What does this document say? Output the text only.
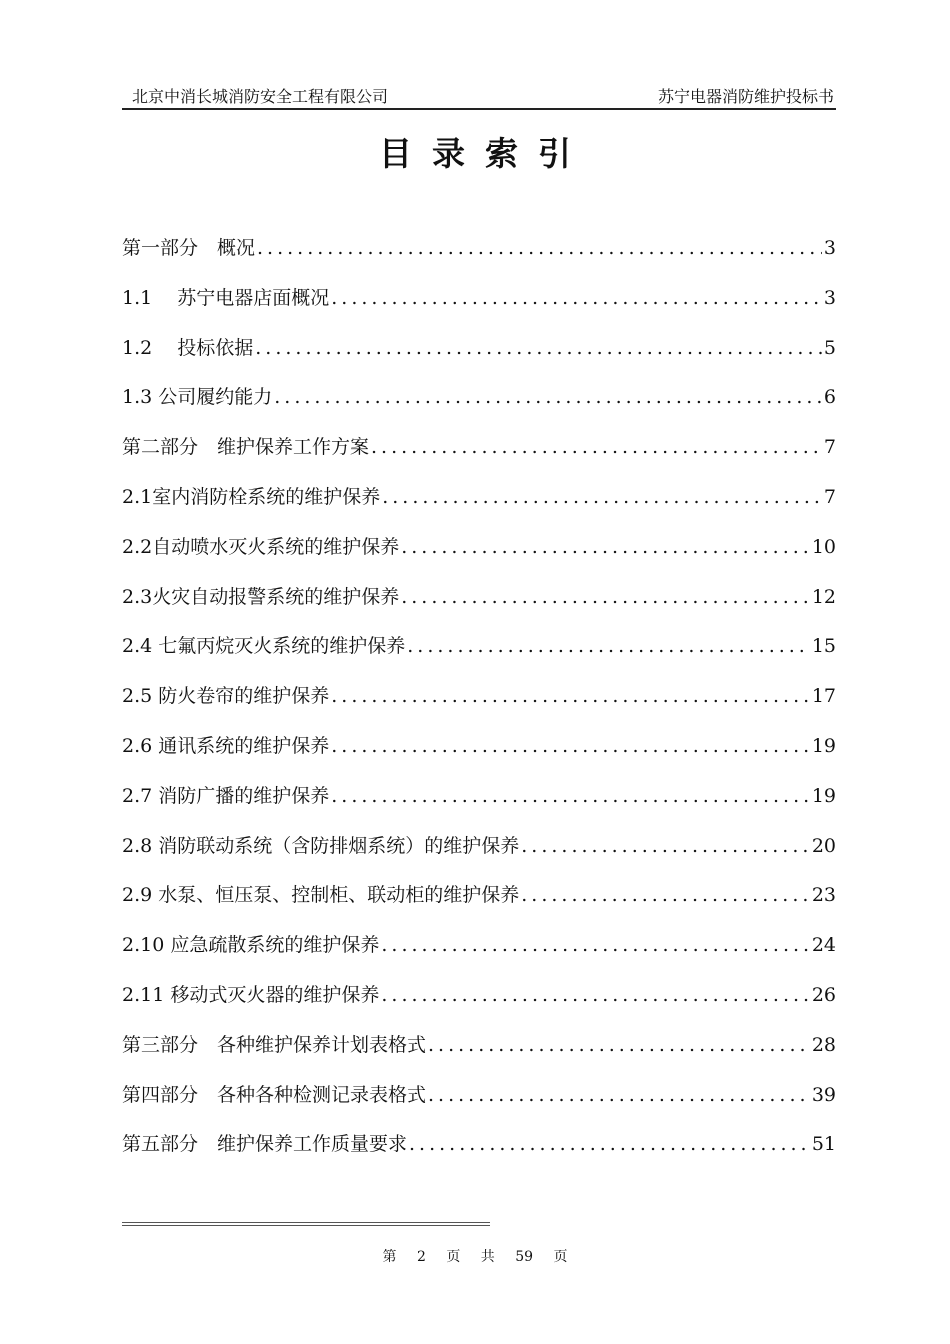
北京中消长城消防安全工程有限公司	苏宁电器消防维护投标书
目录索引
第一部分　概况 .....	3
1.1　 苏宁电器店面概况 .....	3
1.2　 投标依据 .....	5
1.3 公司履约能力 .....	6
第二部分　维护保养工作方案 .....	7
2.1室内消防栓系统的维护保养 .....	7
2.2自动喷水灭火系统的维护保养 .....	10
2.3火灾自动报警系统的维护保养 .....	12
2.4 七氟丙烷灭火系统的维护保养 .....	15
2.5 防火卷帘的维护保养 .....	17
2.6 通讯系统的维护保养 .....	19
2.7 消防广播的维护保养 .....	19
2.8 消防联动系统（含防排烟系统）的维护保养 .....	20
2.9 水泵、恒压泵、控制柜、联动柜的维护保养 .....	23
2.10 应急疏散系统的维护保养 .....	24
2.11 移动式灭火器的维护保养 .....	26
第三部分　各种维护保养计划表格式 .....	28
第四部分　各种各种检测记录表格式 .....	39
第五部分　维护保养工作质量要求 .....	51
第 2 页 共 59 页
